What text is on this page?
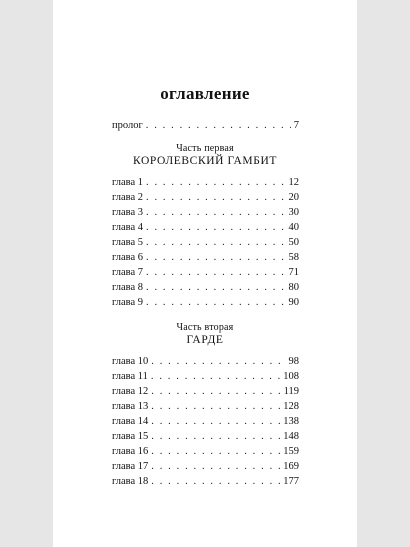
оглавление
пролог . . .	7
Часть первая
КОРОЛЕВСКИЙ ГАМБИТ
глава 1 . . .	12
глава 2 . . .	20
глава 3 . . .	30
глава 4 . . .	40
глава 5 . . .	50
глава 6 . . .	58
глава 7 . . .	71
глава 8 . . .	80
глава 9 . . .	90
Часть вторая
ГАРДЕ
глава 10 . . .	98
глава 11 . . .	108
глава 12 . . .	119
глава 13 . . .	128
глава 14 . . .	138
глава 15 . . .	148
глава 16 . . .	159
глава 17 . . .	169
глава 18 . . .	177
